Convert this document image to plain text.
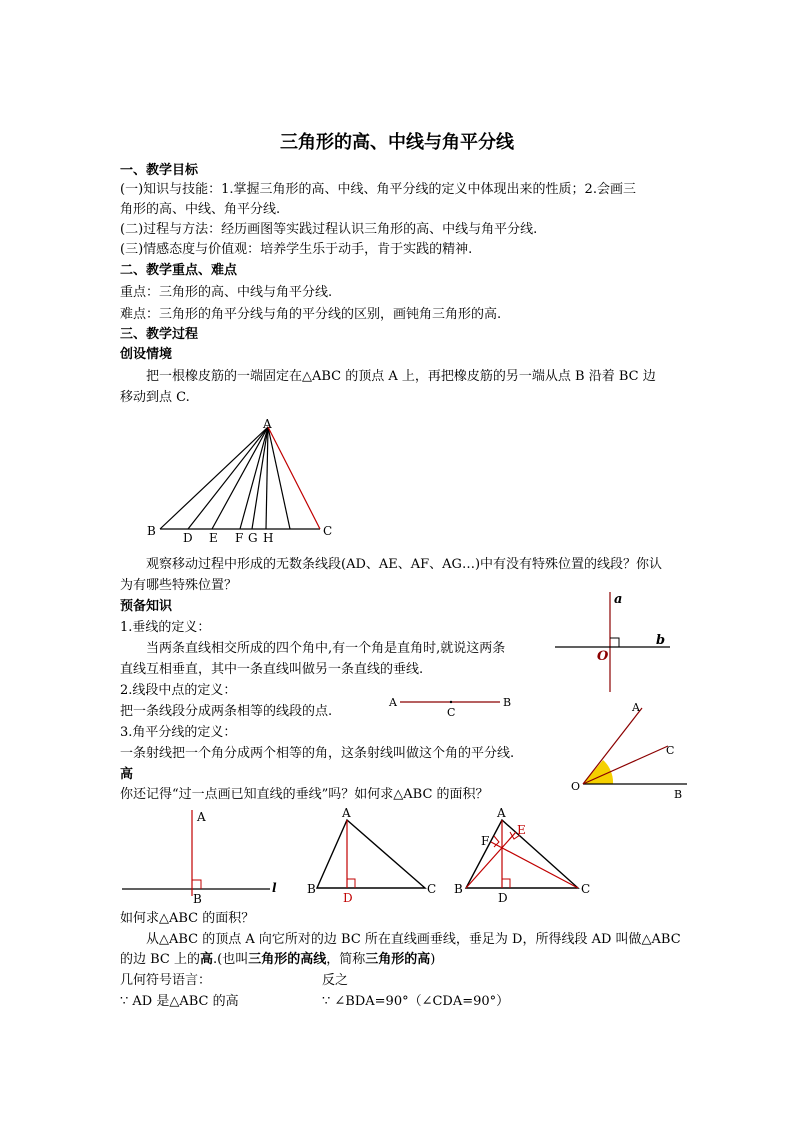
三角形的高、中线与角平分线
一、教学目标
(一)知识与技能：1.掌握三角形的高、中线、角平分线的定义中体现出来的性质；2.会画三
角形的高、中线、角平分线.
(二)过程与方法：经历画图等实践过程认识三角形的高、中线与角平分线.
(三)情感态度与价值观：培养学生乐于动手，肯于实践的精神.
二、教学重点、难点
重点：三角形的高、中线与角平分线.
难点：三角形的角平分线与角的平分线的区别，画钝角三角形的高.
三、教学过程
创设情境
把一根橡皮筋的一端固定在△ABC 的顶点 A 上，再把橡皮筋的另一端从点 B 沿着 BC 边
移动到点 C.
A
B	C
D E F G H
观察移动过程中形成的无数条线段(AD、AE、AF、AG…)中有没有特殊位置的线段？你认
为有哪些特殊位置？
预备知识
1.垂线的定义：
当两条直线相交所成的四个角中,有一个角是直角时,就说这两条
直线互相垂直，其中一条直线叫做另一条直线的垂线.
a
b
O
2.线段中点的定义：
把一条线段分成两条相等的线段的点.
A
C
B
3.角平分线的定义：
一条射线把一个角分成两个相等的角，这条射线叫做这个角的平分线.
A
C
O
B
高
你还记得“过一点画已知直线的垂线”吗？如何求△ABC 的面积？
A
B
l
A
B	C
D
A
E
F
B	C
D
如何求△ABC 的面积？
从△ABC 的顶点 A 向它所对的边 BC 所在直线画垂线，垂足为 D，所得线段 AD 叫做△ABC
的边 BC 上的高.(也叫三角形的高线，简称三角形的高)
几何符号语言：	反之
∵ AD 是△ABC 的高	∵ ∠BDA=90°（∠CDA=90°）
